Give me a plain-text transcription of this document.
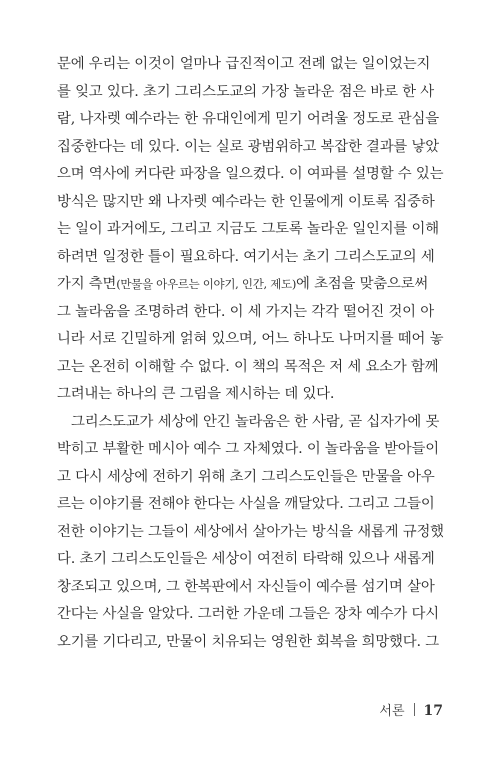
문에 우리는 이것이 얼마나 급진적이고 전례 없는 일이었는지
를 잊고 있다. 초기 그리스도교의 가장 놀라운 점은 바로 한 사
람, 나자렛 예수라는 한 유대인에게 믿기 어려울 정도로 관심을
집중한다는 데 있다. 이는 실로 광범위하고 복잡한 결과를 낳았
으며 역사에 커다란 파장을 일으켰다. 이 여파를 설명할 수 있는
방식은 많지만 왜 나자렛 예수라는 한 인물에게 이토록 집중하
는 일이 과거에도, 그리고 지금도 그토록 놀라운 일인지를 이해
하려면 일정한 틀이 필요하다. 여기서는 초기 그리스도교의 세
가지 측면(만물을 아우르는 이야기, 인간, 제도)에 초점을 맞춤으로써
그 놀라움을 조명하려 한다. 이 세 가지는 각각 떨어진 것이 아
니라 서로 긴밀하게 얽혀 있으며, 어느 하나도 나머지를 떼어 놓
고는 온전히 이해할 수 없다. 이 책의 목적은 저 세 요소가 함께
그려내는 하나의 큰 그림을 제시하는 데 있다.
그리스도교가 세상에 안긴 놀라움은 한 사람, 곧 십자가에 못
박히고 부활한 메시아 예수 그 자체였다. 이 놀라움을 받아들이
고 다시 세상에 전하기 위해 초기 그리스도인들은 만물을 아우
르는 이야기를 전해야 한다는 사실을 깨달았다. 그리고 그들이
전한 이야기는 그들이 세상에서 살아가는 방식을 새롭게 규정했
다. 초기 그리스도인들은 세상이 여전히 타락해 있으나 새롭게
창조되고 있으며, 그 한복판에서 자신들이 예수를 섬기며 살아
간다는 사실을 알았다. 그러한 가운데 그들은 장차 예수가 다시
오기를 기다리고, 만물이 치유되는 영원한 회복을 희망했다. 그
서론 17
